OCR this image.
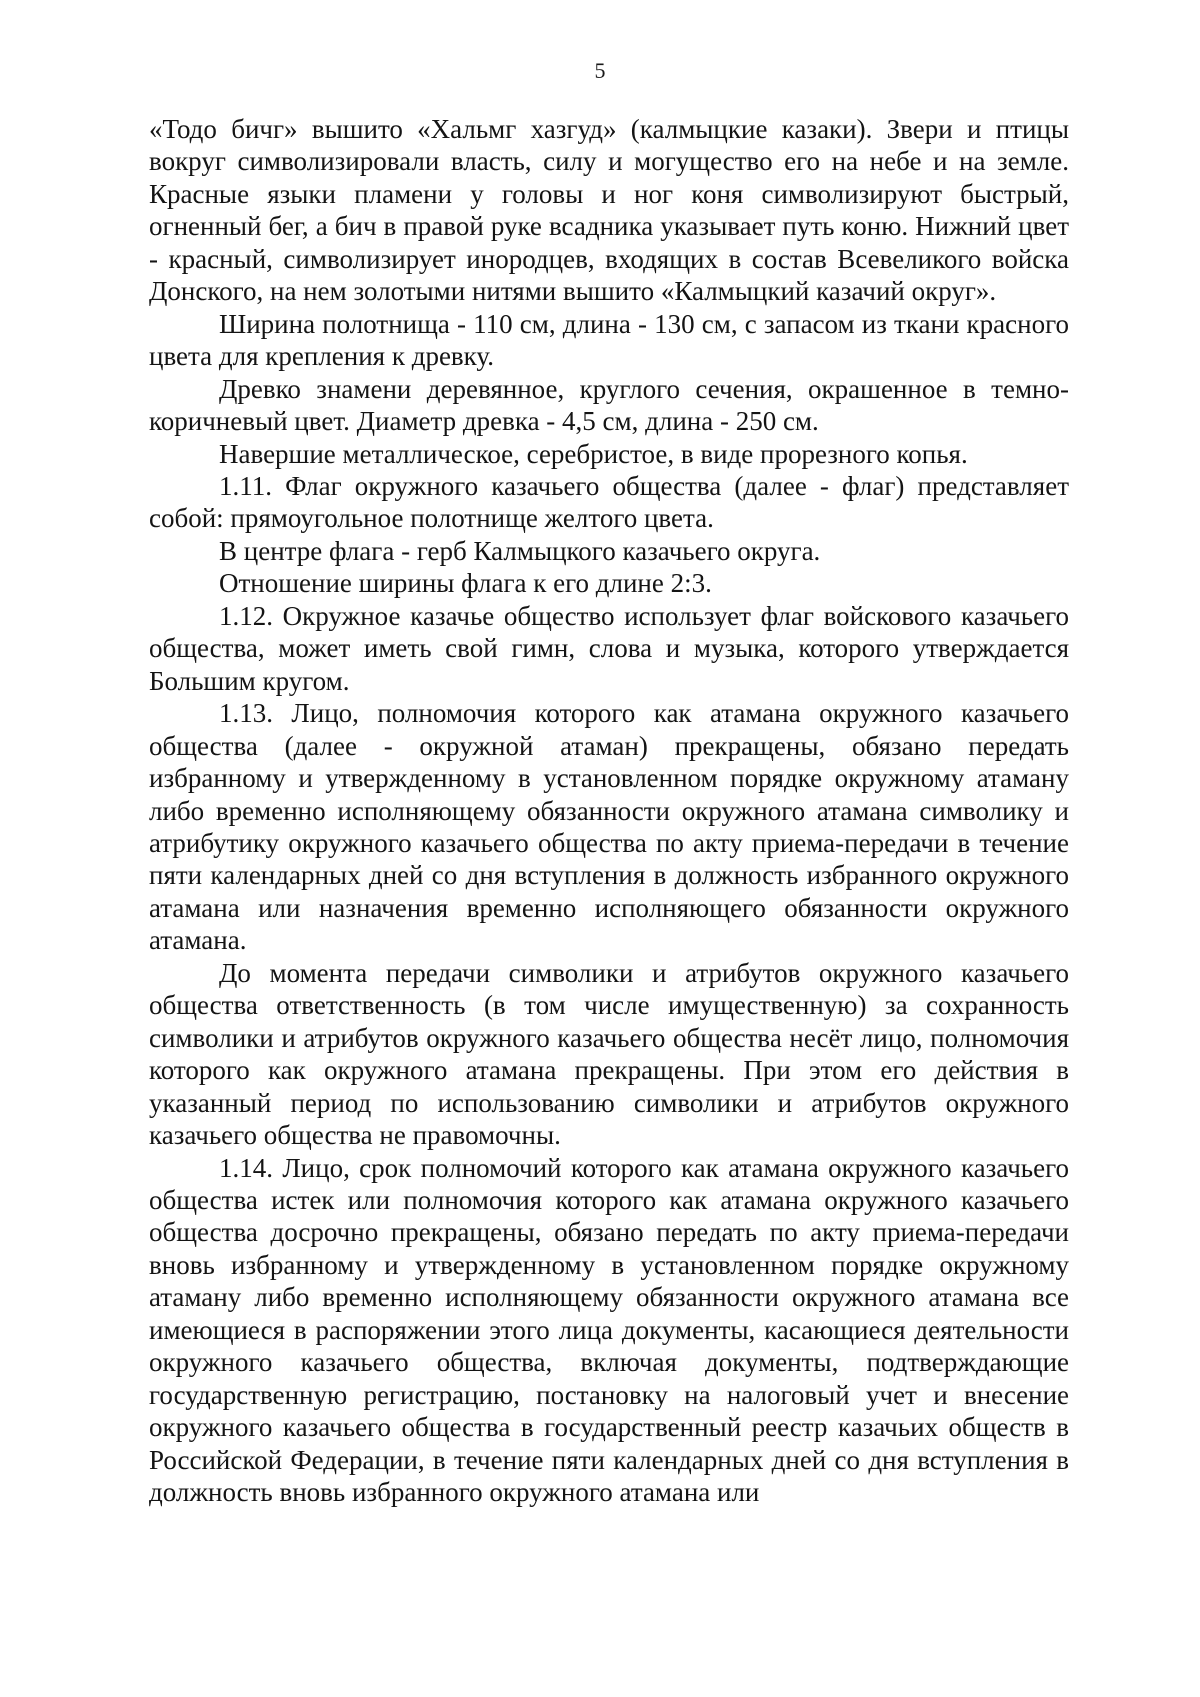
5

«Тодо бичг» вышито «Хальмг хазгуд» (калмыцкие казаки). Звери и птицы вокруг символизировали власть, силу и могущество его на небе и на земле. Красные языки пламени у головы и ног коня символизируют быстрый, огненный бег, а бич в правой руке всадника указывает путь коню. Нижний цвет - красный, символизирует инородцев, входящих в состав Всевеликого войска Донского, на нем золотыми нитями вышито «Калмыцкий казачий округ».

Ширина полотнища - 110 см, длина - 130 см, с запасом из ткани красного цвета для крепления к древку.

Древко знамени деревянное, круглого сечения, окрашенное в темно-коричневый цвет. Диаметр древка - 4,5 см, длина - 250 см.

Навершие металлическое, серебристое, в виде прорезного копья.

1.11. Флаг окружного казачьего общества (далее - флаг) представляет собой: прямоугольное полотнище желтого цвета.

В центре флага - герб Калмыцкого казачьего округа.

Отношение ширины флага к его длине 2:3.

1.12. Окружное казачье общество использует флаг войскового казачьего общества, может иметь свой гимн, слова и музыка, которого утверждается Большим кругом.

1.13. Лицо, полномочия которого как атамана окружного казачьего общества (далее - окружной атаман) прекращены, обязано передать избранному и утвержденному в установленном порядке окружному атаману либо временно исполняющему обязанности окружного атамана символику и атрибутику окружного казачьего общества по акту приема-передачи в течение пяти календарных дней со дня вступления в должность избранного окружного атамана или назначения временно исполняющего обязанности окружного атамана.

До момента передачи символики и атрибутов окружного казачьего общества ответственность (в том числе имущественную) за сохранность символики и атрибутов окружного казачьего общества несёт лицо, полномочия которого как окружного атамана прекращены. При этом его действия в указанный период по использованию символики и атрибутов окружного казачьего общества не правомочны.

1.14. Лицо, срок полномочий которого как атамана окружного казачьего общества истек или полномочия которого как атамана окружного казачьего общества досрочно прекращены, обязано передать по акту приема-передачи вновь избранному и утвержденному в установленном порядке окружному атаману либо временно исполняющему обязанности окружного атамана все имеющиеся в распоряжении этого лица документы, касающиеся деятельности окружного казачьего общества, включая документы, подтверждающие государственную регистрацию, постановку на налоговый учет и внесение окружного казачьего общества в государственный реестр казачьих обществ в Российской Федерации, в течение пяти календарных дней со дня вступления в должность вновь избранного окружного атамана или
